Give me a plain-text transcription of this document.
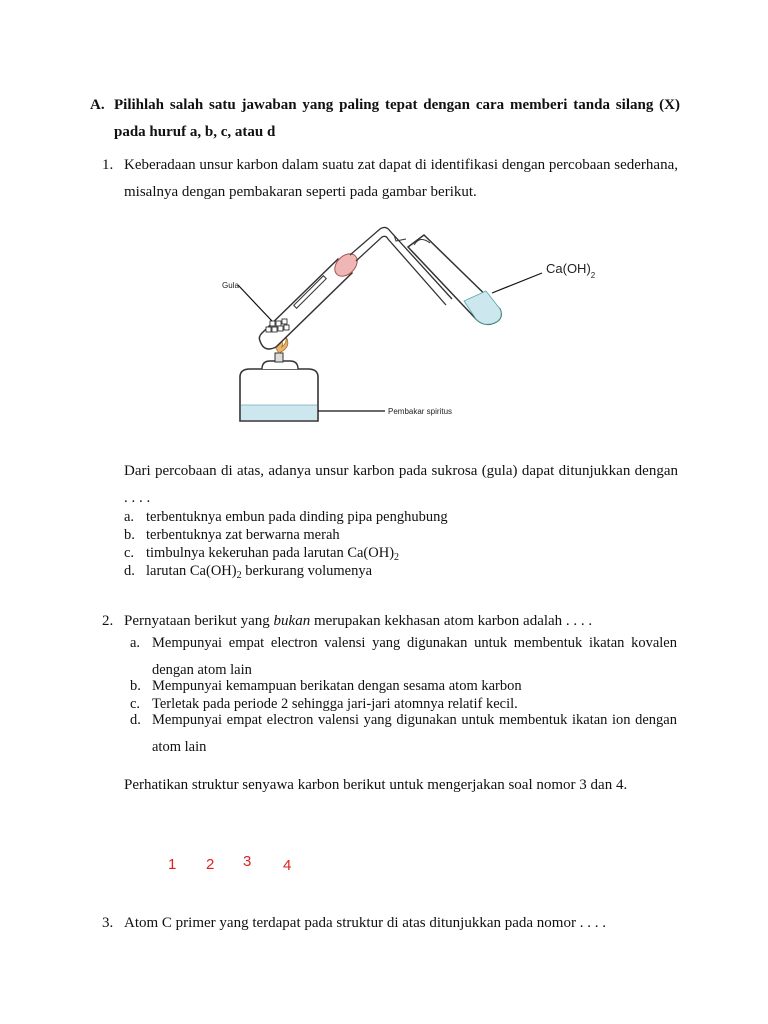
A. Pilihlah salah satu jawaban yang paling tepat dengan cara memberi tanda silang (X) pada huruf a, b, c, atau d
1. Keberadaan unsur karbon dalam suatu zat dapat di identifikasi dengan percobaan sederhana, misalnya dengan pembakaran seperti pada gambar berikut.
Pembakar spiritus
Gula
$Ca(OH)_2$
Dari percobaan di atas, adanya unsur karbon pada sukrosa (gula) dapat ditunjukkan dengan . . . .
a. terbentuknya embun pada dinding pipa penghubung
b. terbentuknya zat berwarna merah
c. timbulnya kekeruhan pada larutan $Ca(OH)_2$
d. larutan $Ca(OH)_2$ berkurang volumenya
2. Pernyataan berikut yang bukan merupakan kekhasan atom karbon adalah . . . .
a. Mempunyai empat electron valensi yang digunakan untuk membentuk ikatan kovalen dengan atom lain
b. Mempunyai kemampuan berikatan dengan sesama atom karbon
c. Terletak pada periode 2 sehingga jari-jari atomnya relatif kecil.
d. Mempunyai empat electron valensi yang digunakan untuk membentuk ikatan ion dengan atom lain
Perhatikan struktur senyawa karbon berikut untuk mengerjakan soal nomor 3 dan 4.
1 2 3 4
3. Atom C primer yang terdapat pada struktur di atas ditunjukkan pada nomor . . . .
